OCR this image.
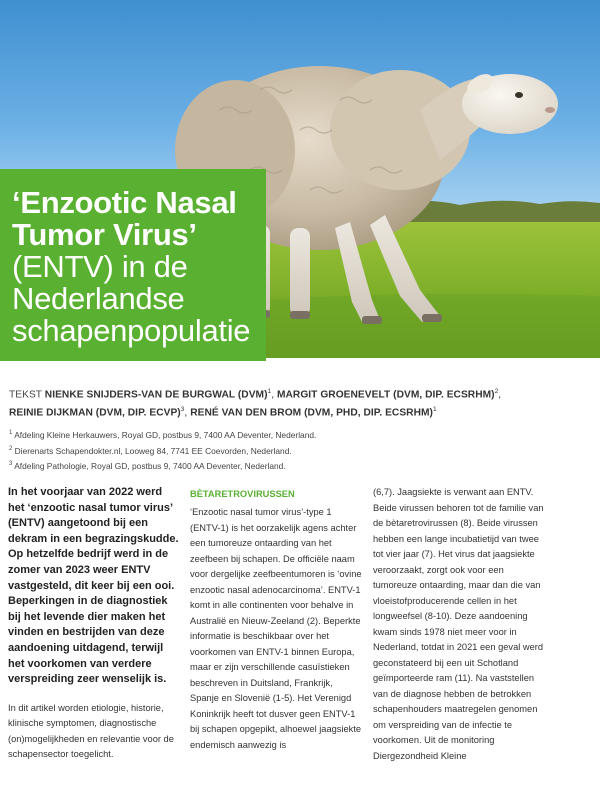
‘Enzootic Nasal
Tumor Virus’
(ENTV) in de
Nederlandse
schapenpopulatie
TEKST NIENKE SNIJDERS-VAN DE BURGWAL (DVM)$^1$, MARGIT GROENEVELT (DVM, DIP. ECSRHM)$^2$,
REINIE DIJKMAN (DVM, DIP. ECVP)$^3$, RENÉ VAN DEN BROM (DVM, PHD, DIP. ECSRHM)$^1$
$^1$ Afdeling Kleine Herkauwers, Royal GD, postbus 9, 7400 AA Deventer, Nederland.
$^2$ Dierenarts Schapendokter.nl, Looweg 84, 7741 EE Coevorden, Nederland.
$^3$ Afdeling Pathologie, Royal GD, postbus 9, 7400 AA Deventer, Nederland.

In het voorjaar van 2022 werd het ‘enzootic nasal tumor virus’ (ENTV) aangetoond bij een dekram in een begrazingskudde. Op hetzelfde bedrijf werd in de zomer van 2023 weer ENTV vastgesteld, dit keer bij een ooi. Beperkingen in de diagnostiek bij het levende dier maken het vinden en bestrijden van deze aandoening uitdagend, terwijl het voorkomen van verdere verspreiding zeer wenselijk is.

In dit artikel worden etiologie, historie, klinische symptomen, diagnostische (on)mogelijkheden en relevantie voor de schapensector toegelicht.

BÈTARETROVIRUSSEN

‘Enzootic nasal tumor virus’-type 1 (ENTV-1) is het oorzakelijk agens achter een tumoreuze ontaarding van het zeefbeen bij schapen. De officiële naam voor dergelijke zeefbeentumoren is ‘ovine enzootic nasal adenocarcinoma’. ENTV-1 komt in alle continenten voor behalve in Australië en Nieuw-Zeeland (2). Beperkte informatie is beschikbaar over het voorkomen van ENTV-1 binnen Europa, maar er zijn verschillende casuïstieken beschreven in Duitsland, Frankrijk, Spanje en Slovenië (1-5). Het Verenigd Koninkrijk heeft tot dusver geen ENTV-1 bij schapen opgepikt, alhoewel jaagsiekte endemisch aanwezig is

(6,7). Jaagsiekte is verwant aan ENTV. Beide virussen behoren tot de familie van de bètaretrovirussen (8). Beide virussen hebben een lange incubatietijd van twee tot vier jaar (7). Het virus dat jaagsiekte veroorzaakt, zorgt ook voor een tumoreuze ontaarding, maar dan die van vloeistofproducerende cellen in het longweefsel (8-10). Deze aandoening kwam sinds 1978 niet meer voor in Nederland, totdat in 2021 een geval werd geconstateerd bij een uit Schotland geïmporteerde ram (11). Na vaststellen van de diagnose hebben de betrokken schapenhouders maatregelen genomen om verspreiding van de infectie te voorkomen. Uit de monitoring Diergezondheid Kleine
